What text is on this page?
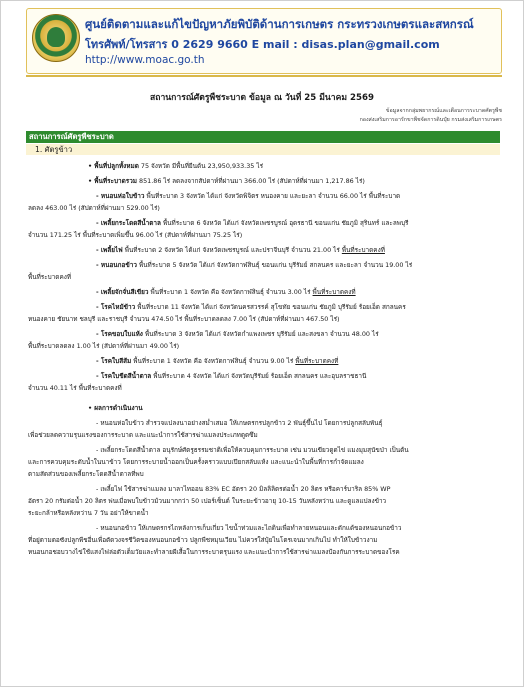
ศูนย์ติดตามและแก้ไขปัญหาภัยพิบัติด้านการเกษตร กระทรวงเกษตรและสหกรณ์
โทรศัพท์/โทรสาร 0 2629 9660 E mail : disas.plan@gmail.com
http://www.moac.go.th
สถานการณ์ศัตรูพืชระบาด ข้อมูล ณ วันที่ 25 มีนาคม 2569
ข้อมูลจากกลุ่มพยากรณ์และเตือนการระบาดศัตรูพืช
กองส่งเสริมการอารักขาพืชจัดการดินปุ๋ย กรมส่งเสริมการเกษตร
สถานการณ์ศัตรูพืชระบาด
1. ศัตรูข้าว
• พื้นที่ปลูกทั้งหมด 75 จังหวัด มีพื้นที่ยืนต้น 23,950,933.35 ไร่
• พื้นที่ระบาดรวม 851.86 ไร่ ลดลงจากสัปดาห์ที่ผ่านมา 366.00 ไร่ (สัปดาห์ที่ผ่านมา 1,217.86 ไร่)
- หนอนห่อใบข้าว พื้นที่ระบาด 3 จังหวัด ได้แก่ จังหวัดพิจิตร หนองคาย และยะลา จำนวน 66.00 ไร่ พื้นที่ระบาด
ลดลง 463.00 ไร่ (สัปดาห์ที่ผ่านมา 529.00 ไร่)
- เพลี้ยกระโดดสีน้ำตาล พื้นที่ระบาด 6 จังหวัด ได้แก่ จังหวัดเพชรบูรณ์ อุดรธานี ขอนแก่น ชัยภูมิ สุรินทร์ และลพบุรี
จำนวน 171.25 ไร่ พื้นที่ระบาดเพิ่มขึ้น 96.00 ไร่ (สัปดาห์ที่ผ่านมา 75.25 ไร่)
- เพลี้ยไฟ พื้นที่ระบาด 2 จังหวัด ได้แก่ จังหวัดเพชรบูรณ์ และปราจีนบุรี จำนวน 21.00 ไร่ พื้นที่ระบาดคงที่
- หนอนกอข้าว พื้นที่ระบาด 5 จังหวัด ได้แก่ จังหวัดกาฬสินธุ์ ขอนแก่น บุรีรัมย์ สกลนคร และยะลา จำนวน 19.00 ไร่
พื้นที่ระบาดคงที่
- เพลี้ยจักจั่นสีเขียว พื้นที่ระบาด 1 จังหวัด คือ จังหวัดกาฬสินธุ์ จำนวน 3.00 ไร่ พื้นที่ระบาดคงที่
- โรคไหม้ข้าว พื้นที่ระบาด 11 จังหวัด ได้แก่ จังหวัดนครสวรรค์ สุโขทัย ขอนแก่น ชัยภูมิ บุรีรัมย์ ร้อยเอ็ด สกลนคร
หนองคาย ชัยนาท ชลบุรี และราชบุรี จำนวน 474.50 ไร่ พื้นที่ระบาดลดลง 7.00 ไร่ (สัปดาห์ที่ผ่านมา 467.50 ไร่)
- โรคขอบใบแห้ง พื้นที่ระบาด 3 จังหวัด ได้แก่ จังหวัดกำแพงเพชร บุรีรัมย์ และสงขลา จำนวน 48.00 ไร่
พื้นที่ระบาดลดลง 1.00 ไร่ (สัปดาห์ที่ผ่านมา 49.00 ไร่)
- โรคใบสีส้ม พื้นที่ระบาด 1 จังหวัด คือ จังหวัดกาฬสินธุ์ จำนวน 9.00 ไร่ พื้นที่ระบาดคงที่
- โรคใบขีดสีน้ำตาล พื้นที่ระบาด 4 จังหวัด ได้แก่ จังหวัดบุรีรัมย์ ร้อยเอ็ด สกลนคร และอุบลราชธานี
จำนวน 40.11 ไร่ พื้นที่ระบาดคงที่
• ผลการดำเนินงาน
- หนอนห่อใบข้าว สำรวจแปลงนาอย่างสม่ำเสมอ ให้เกษตรกรปลูกข้าว 2 พันธุ์ขึ้นไป โดยการปลูกสลับพันธุ์
เพื่อช่วยลดความรุนแรงของการระบาด และแนะนำการใช้สารฆ่าแมลงประเภทดูดซึม
- เพลี้ยกระโดดสีน้ำตาล อนุรักษ์ศัตรูธรรมชาติเพื่อให้ควบคุมการระบาด เช่น มวนเขียวดูดไข่ แมงมุมสุนัขป่า เป็นต้น
และการควบคุมระดับน้ำในนาข้าว โดยการระบายน้ำออกเป็นครั้งคราวแบบเปียกสลับแห้ง และแนะนำในพื้นที่การกำจัดแมลง
ตามสัดส่วนของเพลี้ยกระโดดสีน้ำตาลที่พบ
- เพลี้ยไฟ ใช้สารฆ่าแมลง มาลาไทออน 83% EC อัตรา 20 มิลลิลิตรต่อน้ำ 20 ลิตร หรือคาร์บาริล 85% WP
อัตรา 20 กรัมต่อน้ำ 20 ลิตร พ่นเมื่อพบใบข้าวม้วนมากกว่า 50 เปอร์เซ็นต์ ในระยะข้าวอายุ 10-15 วันหลังหว่าน และดูแลแปลงข้าว
ระยะกล้าหรือหลังหว่าน 7 วัน อย่าให้ขาดน้ำ
- หนอนกอข้าว ให้เกษตรกรไถหลังการเก็บเกี่ยว ไขน้ำท่วมและไถดินเพื่อทำลายหนอนและดักแด้ของหนอนกอข้าว
ที่อยู่ตามตอซังปลูกพืชอื่นเพื่อตัดวงจรชีวิตของหนอนกอข้าว ปลูกพืชหมุนเวียน ไม่ควรใส่ปุ๋ยไนโตรเจนมากเกินไป ทำให้ใบข้าวงาม
หนอนกอชอบวางไข่ใช้แสงไฟล่อตัวเต็มวัยและทำลายผีเสื้อในการระบาดรุนแรง และแนะนำการใช้สารฆ่าแมลงป้องกันการระบาดของโรค
